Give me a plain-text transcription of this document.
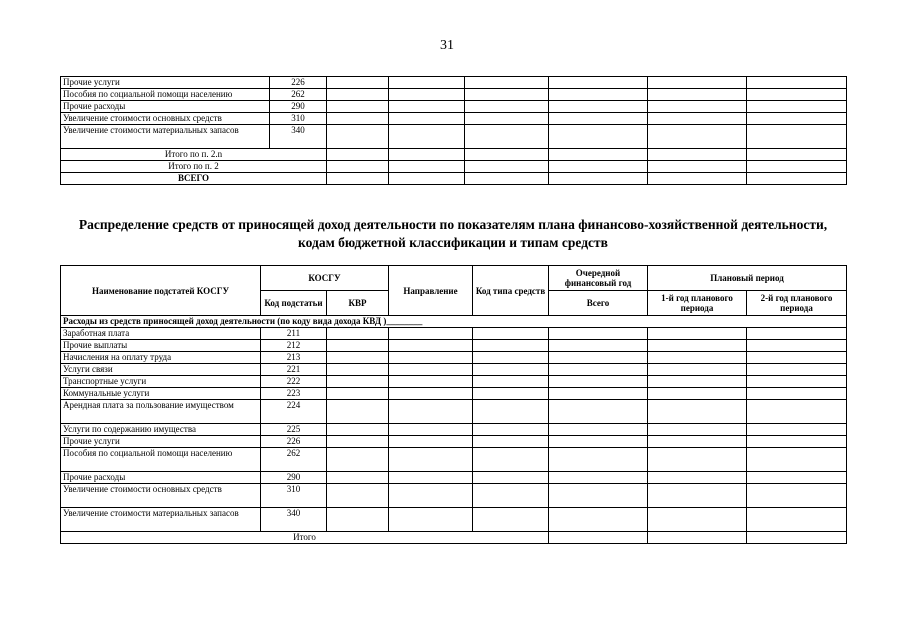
31
Прочие услуги	226						
Пособия по социальной помощи населению	262						
Прочие расходы	290						
Увеличение стоимости основных средств	310						
Увеличение стоимости материальных запасов	340						
Итого по п. 2.n							
Итого по п. 2							
ВСЕГО							
Распределение средств от приносящей доход деятельности по показателям плана финансово-хозяйственной деятельности, кодам бюджетной классификации и типам средств
Наименование подстатей КОСГУ	КОСГУ		Направление	Код типа средств	Очередной финансовый год	Плановый период	
	Код подстатьи	КВР			Всего	1-й год планового периода	2-й год планового периода
Расходы из средств приносящей доход деятельности (по коду вида дохода КВД )________							
Заработная плата	211						
Прочие выплаты	212						
Начисления на оплату труда	213						
Услуги связи	221						
Транспортные услуги	222						
Коммунальные услуги	223						
Арендная плата за пользование имуществом	224						
Услуги по содержанию имущества	225						
Прочие услуги	226						
Пособия по социальной помощи населению	262						
Прочие расходы	290						
Увеличение стоимости основных средств	310						
Увеличение стоимости материальных запасов	340						
Итого							
